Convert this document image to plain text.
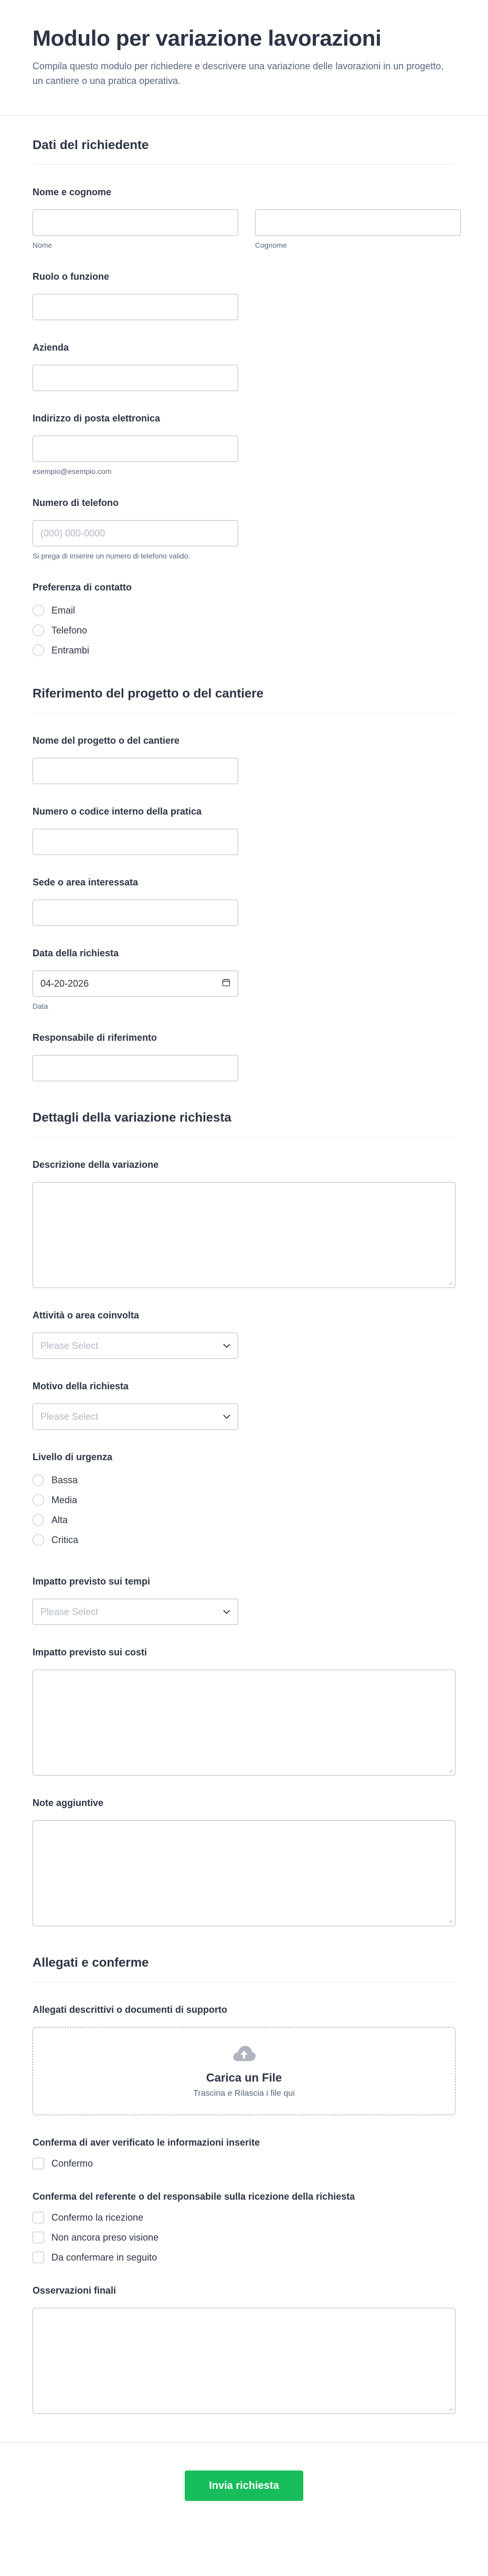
Modulo per variazione lavorazioni

Compila questo modulo per richiedere e descrivere una variazione delle lavorazioni in un progetto, un cantiere o una pratica operativa.

Dati del richiedente
Nome e cognome
Nome	Cognome
Ruolo o funzione
Azienda
Indirizzo di posta elettronica
esempio@esempio.com
Numero di telefono
(000) 000-0000
Si prega di inserire un numero di telefono valido.
Preferenza di contatto
Email
Telefono
Entrambi
Riferimento del progetto o del cantiere
Nome del progetto o del cantiere
Numero o codice interno della pratica
Sede o area interessata
Data della richiesta
04-20-2026
Data
Responsabile di riferimento
Dettagli della variazione richiesta
Descrizione della variazione
Attività o area coinvolta
Please Select
Motivo della richiesta
Please Select
Livello di urgenza
Bassa
Media
Alta
Critica
Impatto previsto sui tempi
Please Select
Impatto previsto sui costi
Note aggiuntive
Allegati e conferme
Allegati descrittivi o documenti di supporto
Carica un File
Trascina e Rilascia i file qui
Conferma di aver verificato le informazioni inserite
Confermo
Conferma del referente o del responsabile sulla ricezione della richiesta
Confermo la ricezione
Non ancora preso visione
Da confermare in seguito
Osservazioni finali
Invia richiesta
